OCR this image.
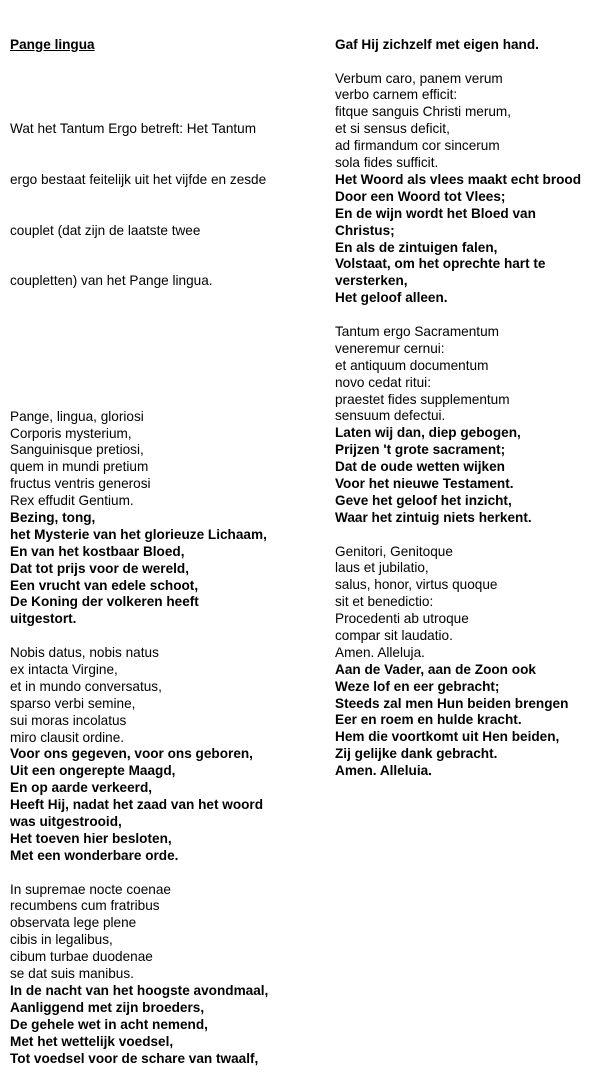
Pange lingua

Wat het Tantum Ergo betreft: Het Tantum

ergo bestaat feitelijk uit het vijfde en zesde

couplet (dat zijn de laatste twee

coupletten) van het Pange lingua.

Pange, lingua, gloriosi
Corporis mysterium,
Sanguinisque pretiosi,
quem in mundi pretium
fructus ventris generosi
Rex effudit Gentium.
Bezing, tong,
het Mysterie van het glorieuze Lichaam,
En van het kostbaar Bloed,
Dat tot prijs voor de wereld,
Een vrucht van edele schoot,
De Koning der volkeren heeft
uitgestort.
Nobis datus, nobis natus
ex intacta Virgine,
et in mundo conversatus,
sparso verbi semine,
sui moras incolatus
miro clausit ordine.
Voor ons gegeven, voor ons geboren,
Uit een ongerepte Maagd,
En op aarde verkeerd,
Heeft Hij, nadat het zaad van het woord
was uitgestrooid,
Het toeven hier besloten,
Met een wonderbare orde.
In supremae nocte coenae
recumbens cum fratribus
observata lege plene
cibis in legalibus,
cibum turbae duodenae
se dat suis manibus.
In de nacht van het hoogste avondmaal,
Aanliggend met zijn broeders,
De gehele wet in acht nemend,
Met het wettelijk voedsel,
Tot voedsel voor de schare van twaalf,

Gaf Hij zichzelf met eigen hand.
Verbum caro, panem verum
verbo carnem efficit:
fitque sanguis Christi merum,
et si sensus deficit,
ad firmandum cor sincerum
sola fides sufficit.
Het Woord als vlees maakt echt brood
Door een Woord tot Vlees;
En de wijn wordt het Bloed van
Christus;
En als de zintuigen falen,
Volstaat, om het oprechte hart te
versterken,
Het geloof alleen.
Tantum ergo Sacramentum
veneremur cernui:
et antiquum documentum
novo cedat ritui:
praestet fides supplementum
sensuum defectui.
Laten wij dan, diep gebogen,
Prijzen 't grote sacrament;
Dat de oude wetten wijken
Voor het nieuwe Testament.
Geve het geloof het inzicht,
Waar het zintuig niets herkent.
Genitori, Genitoque
laus et jubilatio,
salus, honor, virtus quoque
sit et benedictio:
Procedenti ab utroque
compar sit laudatio.
Amen. Alleluja.
Aan de Vader, aan de Zoon ook
Weze lof en eer gebracht;
Steeds zal men Hun beiden brengen
Eer en roem en hulde kracht.
Hem die voortkomt uit Hen beiden,
Zij gelijke dank gebracht.
Amen. Alleluia.
